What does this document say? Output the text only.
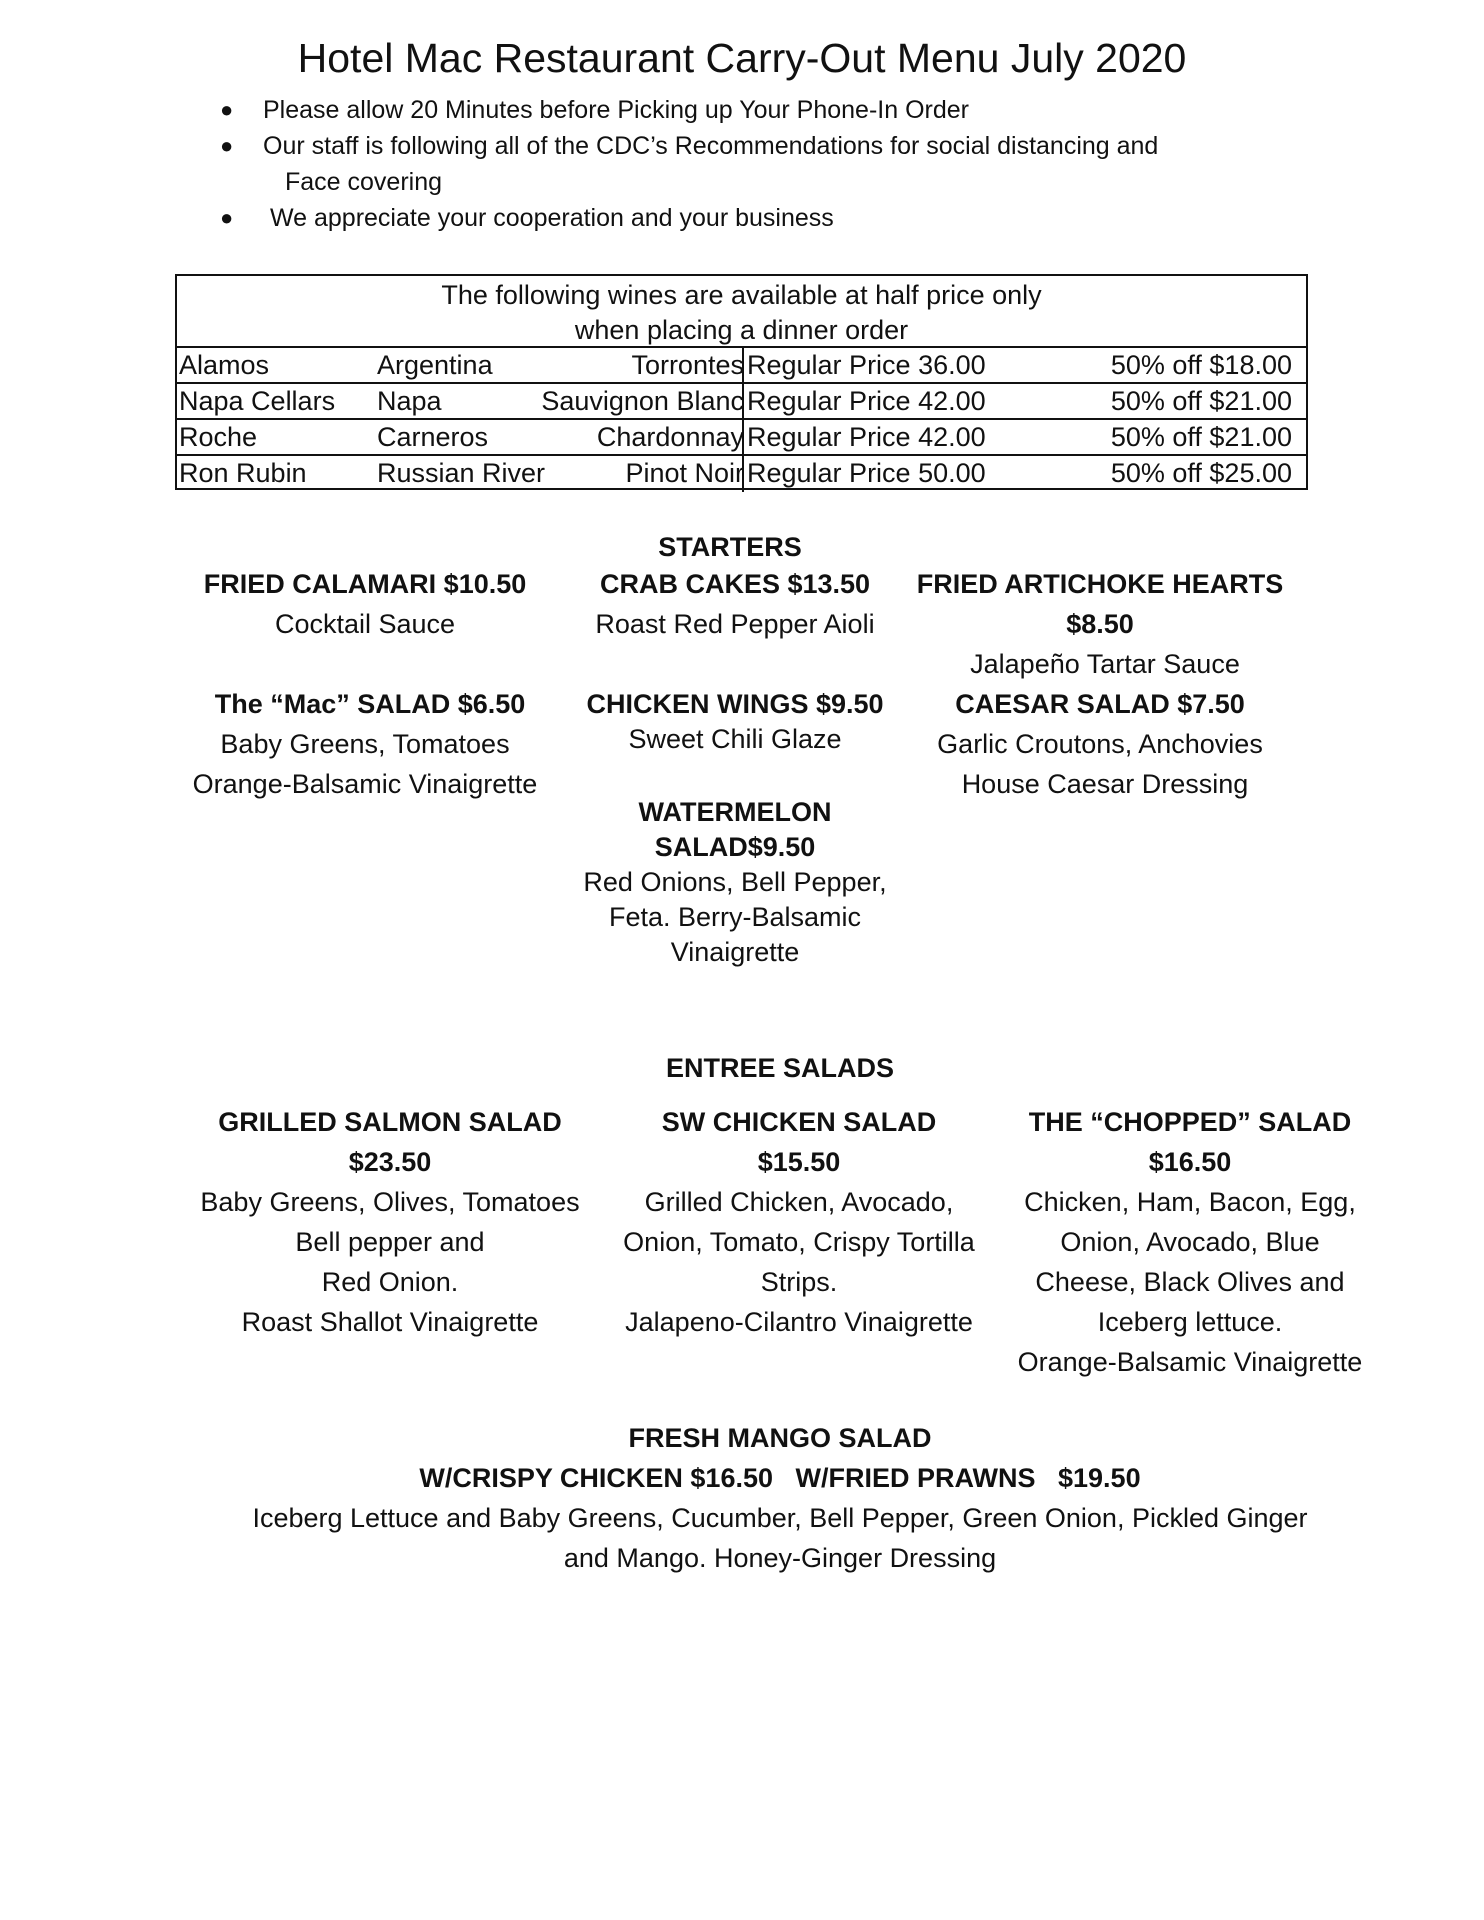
Hotel Mac Restaurant Carry-Out Menu July 2020
● Please allow 20 Minutes before Picking up Your Phone-In Order
● Our staff is following all of the CDC’s Recommendations for social distancing and
Face covering
● We appreciate your cooperation and your business
The following wines are available at half price only
when placing a dinner order
Alamos	Argentina	Torrontes Regular Price 36.00	50% off $18.00
Napa Cellars Napa	Sauvignon Blanc Regular Price 42.00	50% off $21.00
Roche	Carneros	Chardonnay Regular Price 42.00	50% off $21.00
Ron Rubin	Russian River	Pinot Noir Regular Price 50.00	50% off $25.00
STARTERS
FRIED CALAMARI $10.50
Cocktail Sauce
CRAB CAKES $13.50
Roast Red Pepper Aioli
FRIED ARTICHOKE HEARTS
$8.50
Jalapeño Tartar Sauce
The “Mac” SALAD $6.50
Baby Greens, Tomatoes
Orange-Balsamic Vinaigrette
CHICKEN WINGS $9.50
Sweet Chili Glaze
CAESAR SALAD $7.50
Garlic Croutons, Anchovies
House Caesar Dressing
WATERMELON
SALAD$9.50
Red Onions, Bell Pepper,
Feta. Berry-Balsamic
Vinaigrette
ENTREE SALADS
GRILLED SALMON SALAD
$23.50
Baby Greens, Olives, Tomatoes
Bell pepper and
Red Onion.
Roast Shallot Vinaigrette
SW CHICKEN SALAD
$15.50
Grilled Chicken, Avocado,
Onion, Tomato, Crispy Tortilla
Strips.
Jalapeno-Cilantro Vinaigrette
THE “CHOPPED” SALAD
$16.50
Chicken, Ham, Bacon, Egg,
Onion, Avocado, Blue
Cheese, Black Olives and
Iceberg lettuce.
Orange-Balsamic Vinaigrette
FRESH MANGO SALAD
W/CRISPY CHICKEN $16.50   W/FRIED PRAWNS   $19.50
Iceberg Lettuce and Baby Greens, Cucumber, Bell Pepper, Green Onion, Pickled Ginger
and Mango. Honey-Ginger Dressing
